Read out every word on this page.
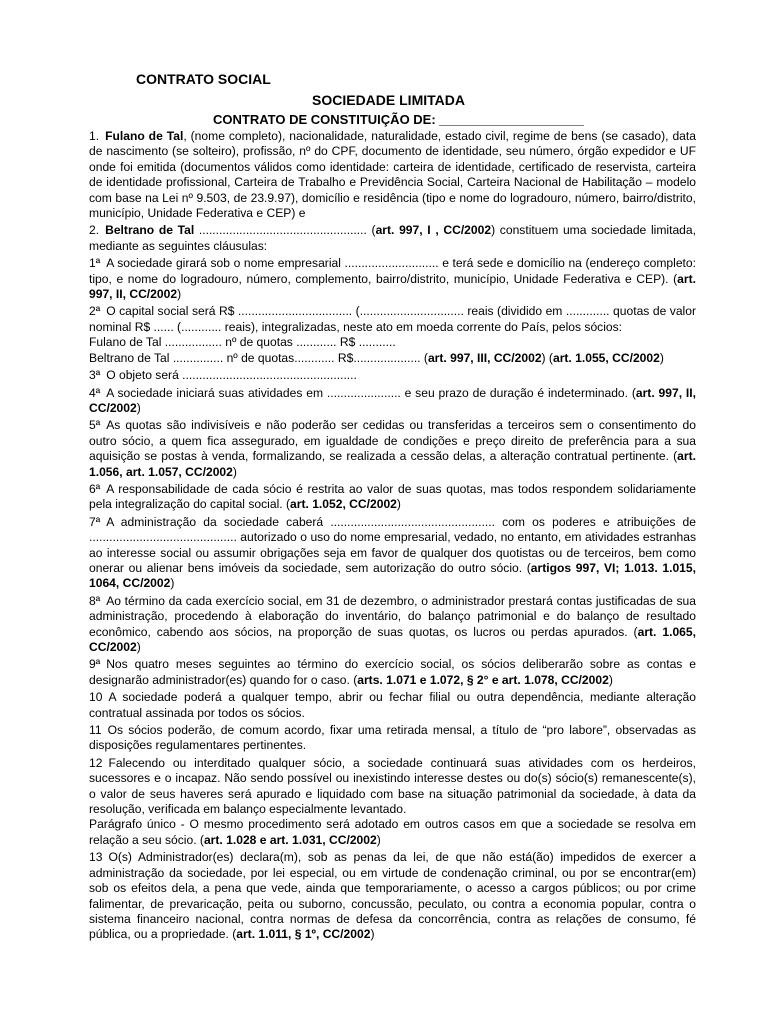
CONTRATO SOCIAL
SOCIEDADE LIMITADA
CONTRATO DE CONSTITUIÇÃO DE: ____________________

1. Fulano de Tal, (nome completo), nacionalidade, naturalidade, estado civil, regime de bens (se casado), data de nascimento (se solteiro), profissão, nº do CPF, documento de identidade, seu número, órgão expedidor e UF onde foi emitida (documentos válidos como identidade: carteira de identidade, certificado de reservista, carteira de identidade profissional, Carteira de Trabalho e Previdência Social, Carteira Nacional de Habilitação – modelo com base na Lei nº 9.503, de 23.9.97), domicílio e residência (tipo e nome do logradouro, número, bairro/distrito, município, Unidade Federativa e CEP) e

2. Beltrano de Tal .................................................. (art. 997, I , CC/2002) constituem uma sociedade limitada, mediante as seguintes cláusulas:

1ª A sociedade girará sob o nome empresarial ............................ e terá sede e domicílio na (endereço completo: tipo, e nome do logradouro, número, complemento, bairro/distrito, município, Unidade Federativa e CEP). (art. 997, II, CC/2002)

2ª O capital social será R$ .................................. (............................... reais (dividido em ............. quotas de valor nominal R$ ...... (............ reais), integralizadas, neste ato em moeda corrente do País, pelos sócios:
Fulano de Tal ................. nº de quotas ............ R$ ...........
Beltrano de Tal ............... nº de quotas............ R$.................... (art. 997, III, CC/2002) (art. 1.055, CC/2002)

3ª O objeto será ....................................................

4ª A sociedade iniciará suas atividades em ...................... e seu prazo de duração é indeterminado. (art. 997, II, CC/2002)

5ª As quotas são indivisíveis e não poderão ser cedidas ou transferidas a terceiros sem o consentimento do outro sócio, a quem fica assegurado, em igualdade de condições e preço direito de preferência para a sua aquisição se postas à venda, formalizando, se realizada a cessão delas, a alteração contratual pertinente. (art. 1.056, art. 1.057, CC/2002)

6ª A responsabilidade de cada sócio é restrita ao valor de suas quotas, mas todos respondem solidariamente pela integralização do capital social. (art. 1.052, CC/2002)

7ª A administração da sociedade caberá ................................................. com os poderes e atribuições de ............................................ autorizado o uso do nome empresarial, vedado, no entanto, em atividades estranhas ao interesse social ou assumir obrigações seja em favor de qualquer dos quotistas ou de terceiros, bem como onerar ou alienar bens imóveis da sociedade, sem autorização do outro sócio. (artigos 997, VI; 1.013. 1.015, 1064, CC/2002)

8ª Ao término da cada exercício social, em 31 de dezembro, o administrador prestará contas justificadas de sua administração, procedendo à elaboração do inventário, do balanço patrimonial e do balanço de resultado econômico, cabendo aos sócios, na proporção de suas quotas, os lucros ou perdas apurados. (art. 1.065, CC/2002)

9ª Nos quatro meses seguintes ao término do exercício social, os sócios deliberarão sobre as contas e designarão administrador(es) quando for o caso. (arts. 1.071 e 1.072, § 2° e art. 1.078, CC/2002)

10 A sociedade poderá a qualquer tempo, abrir ou fechar filial ou outra dependência, mediante alteração contratual assinada por todos os sócios.

11 Os sócios poderão, de comum acordo, fixar uma retirada mensal, a título de “pro labore”, observadas as disposições regulamentares pertinentes.

12 Falecendo ou interditado qualquer sócio, a sociedade continuará suas atividades com os herdeiros, sucessores e o incapaz. Não sendo possível ou inexistindo interesse destes ou do(s) sócio(s) remanescente(s), o valor de seus haveres será apurado e liquidado com base na situação patrimonial da sociedade, à data da resolução, verificada em balanço especialmente levantado.

Parágrafo único - O mesmo procedimento será adotado em outros casos em que a sociedade se resolva em relação a seu sócio. (art. 1.028 e art. 1.031, CC/2002)

13 O(s) Administrador(es) declara(m), sob as penas da lei, de que não está(ão) impedidos de exercer a administração da sociedade, por lei especial, ou em virtude de condenação criminal, ou por se encontrar(em) sob os efeitos dela, a pena que vede, ainda que temporariamente, o acesso a cargos públicos; ou por crime falimentar, de prevaricação, peita ou suborno, concussão, peculato, ou contra a economia popular, contra o sistema financeiro nacional, contra normas de defesa da concorrência, contra as relações de consumo, fé pública, ou a propriedade. (art. 1.011, § 1º, CC/2002)
